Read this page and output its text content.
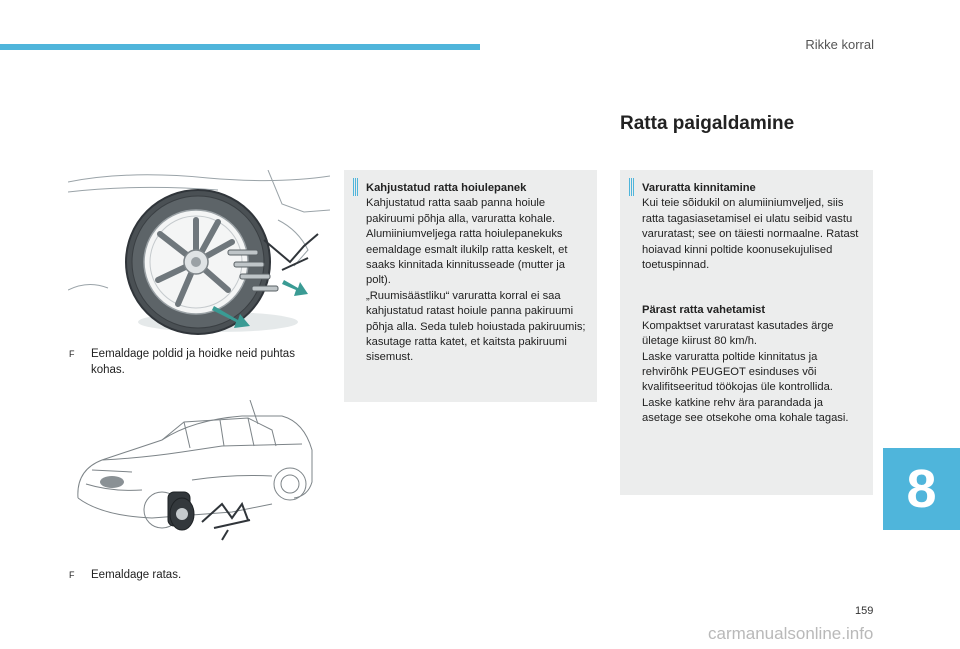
Rikke korral
Ratta paigaldamine
F	Eemaldage poldid ja hoidke neid puhtas kohas.
F	Eemaldage ratas.

Kahjustatud ratta hoiulepanek

Kahjustatud ratta saab panna hoiule pakiruumi põhja alla, varuratta kohale. Alumiiniumveljega ratta hoiulepanekuks eemaldage esmalt ilukilp ratta keskelt, et saaks kinnitada kinnitusseade (mutter ja polt).

„Ruumisäästliku“ varuratta korral ei saa kahjustatud ratast hoiule panna pakiruumi põhja alla. Seda tuleb hoiustada pakiruumis; kasutage ratta katet, et kaitsta pakiruumi sisemust.

Varuratta kinnitamine

Kui teie sõidukil on alumiiniumveljed, siis ratta tagasiasetamisel ei ulatu seibid vastu varuratast; see on täiesti normaalne. Ratast hoiavad kinni poltide koonusekujulised toetuspinnad.

Pärast ratta vahetamist

Kompaktset varuratast kasutades ärge ületage kiirust 80 km/h.

Laske varuratta poltide kinnitatus ja rehvirõhk PEUGEOT esinduses või kvalifitseeritud töökojas üle kontrollida. Laske katkine rehv ära parandada ja asetage see otsekohe oma kohale tagasi.

8
159
carmanualsonline.info
